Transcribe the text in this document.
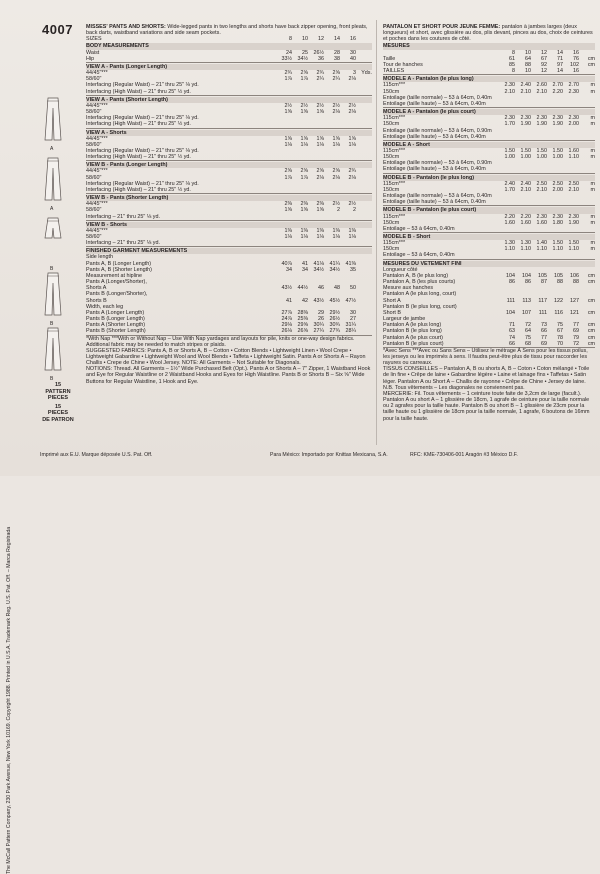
The McCall Pattern Company, 230 Park Avenue, New York 10169. Copyright 1988. Printed in U.S.A. Trademark Reg. U.S. Pat. Off. – Marca Registrada
4007
A
A
B
B
B
15
PATTERN
PIECES
15
PIECES
DE PATRON
MISSES' PANTS AND SHORTS: Wide-legged pants in two lengths and shorts have back zipper opening, front pleats, back darts, waistband variations and side seam pockets.
SIZES	8	10	12	14	16
BODY MEASUREMENTS
Waist	24	25	26½	28	30
Hip	33½	34½	36	38	40
VIEW A - Pants (Longer Length)
44/45"***	2¾	2⅝	2¾	2⅝	3 Yds.
58/60"	1⅞	1⅞	2¼	2¼	2⅛
Interfacing (Regular Waist) – 21" thru 25" ⅛ yd.
Interfacing (High Waist) – 21" thru 25" ½ yd.
VIEW A - Pants (Shorter Length)
44/45"***	2½	2½	2½	2½	2½
58/60"	1⅝	1⅝	1⅝	2⅛	2⅛
Interfacing (Regular Waist) – 21" thru 25" ⅛ yd.
Interfacing (High Waist) – 21" thru 25" ½ yd.
VIEW A - Shorts
44/45"***	1⅝	1⅝	1⅝	1⅝	1⅝
58/60"	1⅛	1⅛	1⅛	1⅛	1⅛
Interfacing (Regular Waist) – 21" thru 25" ⅛ yd.
Interfacing (High Waist) – 21" thru 25" ½ yd.
VIEW B - Pants (Longer Length)
44/45"***	2⅝	2⅝	2⅝	2⅝	2¾
58/60"	1⅞	1⅞	2⅛	2⅛	2⅛
Interfacing (Regular Waist) – 21" thru 25" ⅛ yd.
Interfacing (High Waist) – 21" thru 25" ½ yd.
VIEW B - Pants (Shorter Length)
44/45"***	2⅜	2⅜	2⅜	2½	2½
58/60"	1⅝	1⅝	1⅝	2	2
Interfacing – 21" thru 25" ⅛ yd.
VIEW B - Shorts
44/45"***	1⅜	1⅜	1⅜	1⅜	1⅜
58/60"	1⅛	1⅛	1⅛	1⅛	1⅛
Interfacing – 21" thru 25" ⅛ yd.
FINISHED GARMENT MEASUREMENTS
Side length
Pants A, B (Longer Length)	40⅞	41	41⅛	41¼	41⅜
Pants A, B (Shorter Length)	34	34	34½	34½	35
Measurement at hipline
Pants A (Longer/Shorter),
Shorts A	43½	44½	46	48	50
Pants B (Longer/Shorter),
Shorts B	41	42	43½	45½	47½
Width, each leg
Pants A (Longer Length)	27⅞	28⅜	29	29½	30
Pants B (Longer Length)	24⅞	25⅜	26	26½	27
Pants A (Shorter Length)	29⅛	29⅝	30¼	30¾	31¼
Pants B (Shorter Length)	26⅛	26⅝	27¼	27¾	28¼
*With Nap ***With or Without Nap – Use With Nap yardages and layouts for pile, knits or one-way design fabrics. Additional fabric may be needed to match stripes or plaids.
SUGGESTED FABRICS: Pants A, B or Shorts A, B – Cotton • Cotton Blends • Lightweight Linen • Wool Crepe • Lightweight Gabardine • Lightweight Wool and Wool Blends • Taffeta • Lightweight Satin. Pants A or Shorts A – Rayon Challis • Crepe de Chine • Wool Jersey. NOTE: All Garments – Not Suitable for Diagonals.
NOTIONS: Thread. All Garments – 1½" Wide Purchased Belt (Opt.). Pants A or Shorts A – 7" Zipper, 1 Waistband Hook and Eye for Regular Waistline or 2 Waistband Hooks and Eyes for High Waistline. Pants B or Shorts B – Six ⅝" Wide Buttons for Regular Waistline, 1 Hook and Eye.
PANTALON ET SHORT POUR JEUNE FEMME: pantalon à jambes larges (deux longueurs) et short, avec glissière au dos, plis devant, pinces au dos, choix de ceintures et poches dans les coutures de côté.
MESURES
8	10	12	14	16
Taille	61	64	67	71	76	cm
Tour de hanches	85	88	92	97	102	cm
TAILLES	8	10	12	14	16
MODELE A - Pantalon (le plus long)
115cm***	2.30	2.40	2.60	2.70	2.70	m
150cm	2.10	2.10	2.10	2.20	2.30	m
Entoilage (taille normale) – 53 à 64cm, 0.40m
Entoilage (taille haute) – 53 à 64cm, 0.40m
MODELE A - Pantalon (le plus court)
115cm***	2.30	2.30	2.30	2.30	2.30	m
150cm	1.70	1.90	1.90	1.90	2.00	m
Entoilage (taille normale) – 53 à 64cm, 0.90m
Entoilage (taille haute) – 53 à 64cm, 0.40m
MODELE A - Short
115cm***	1.50	1.50	1.50	1.50	1.60	m
150cm	1.00	1.00	1.00	1.00	1.10	m
Entoilage (taille normale) – 53 à 64cm, 0.90m
Entoilage (taille haute) – 53 à 64cm, 0.40m
MODELE B - Pantalon (le plus long)
115cm***	2.40	2.40	2.50	2.50	2.50	m
150cm	1.70	2.10	2.10	2.00	2.10	m
Entoilage (taille normale) – 53 à 64cm, 0.40m
Entoilage (taille haute) – 53 à 64cm, 0.40m
MODELE B - Pantalon (le plus court)
115cm***	2.20	2.20	2.30	2.30	2.30	m
150cm	1.60	1.60	1.60	1.80	1.90	m
Entoilage – 53 à 64cm, 0.40m
MODELE B - Short
115cm***	1.30	1.30	1.40	1.50	1.50	m
150cm	1.10	1.10	1.10	1.10	1.10	m
Entoilage – 53 à 64cm, 0.40m
MESURES DU VETEMENT FINI
Longueur côté
Pantalon A, B (le plus long)	104	104	105	105	106	cm
Pantalon A, B (les plus courts)	86	86	87	88	88	cm
Mesure aux hanches
Pantalon A (le plus long, court)
Short A	111	113	117	122	127	cm
Pantalon B (le plus long, court)
Short B	104	107	111	116	121	cm
Largeur de jambe
Pantalon A (le plus long)	71	72	73	75	77	cm
Pantalon B (le plus long)	63	64	66	67	69	cm
Pantalon A (le plus court)	74	75	77	78	79	cm
Pantalon B (le plus court)	66	68	69	70	72	cm
*Avec Sens ***Avec ou Sans Sens – Utilisez le métrage À Sens pour les tissus poilus, les jerseys ou les imprimés à sens. Il faudra peut-être plus de tissu pour raccorder les rayures ou carreaux.
TISSUS CONSEILLES – Pantalon A, B ou shorts A, B – Coton • Coton mélangé • Toile de lin fine • Crêpe de laine • Gabardine légère • Laine et lainage fins • Taffetas • Satin léger. Pantalon A ou Short A – Challis de rayonne • Crêpe de Chine • Jersey de laine. N.B. Tous vêtements – Les diagonales ne conviennent pas.
MERCERIE: Fil. Tous vêtements – 1 ceinture toute faite de 3,2cm de large (facult.). Pantalon A ou short A – 1 glissière de 18cm, 1 agrafe de ceinture pour la taille normale ou 2 agrafes pour la taille haute. Pantalon B ou short B – 1 glissière de 23cm pour la taille haute ou 1 glissière de 18cm pour la taille normale, 1 agrafe, 6 boutons de 16mm pour la taille haute.
Imprimé aux E.U. Marque déposée U.S. Pat. Off.	Para México: Importado por Knittax Mexicana, S.A.	RFC: KME-730406-001 Aragón #3 México D.F.
